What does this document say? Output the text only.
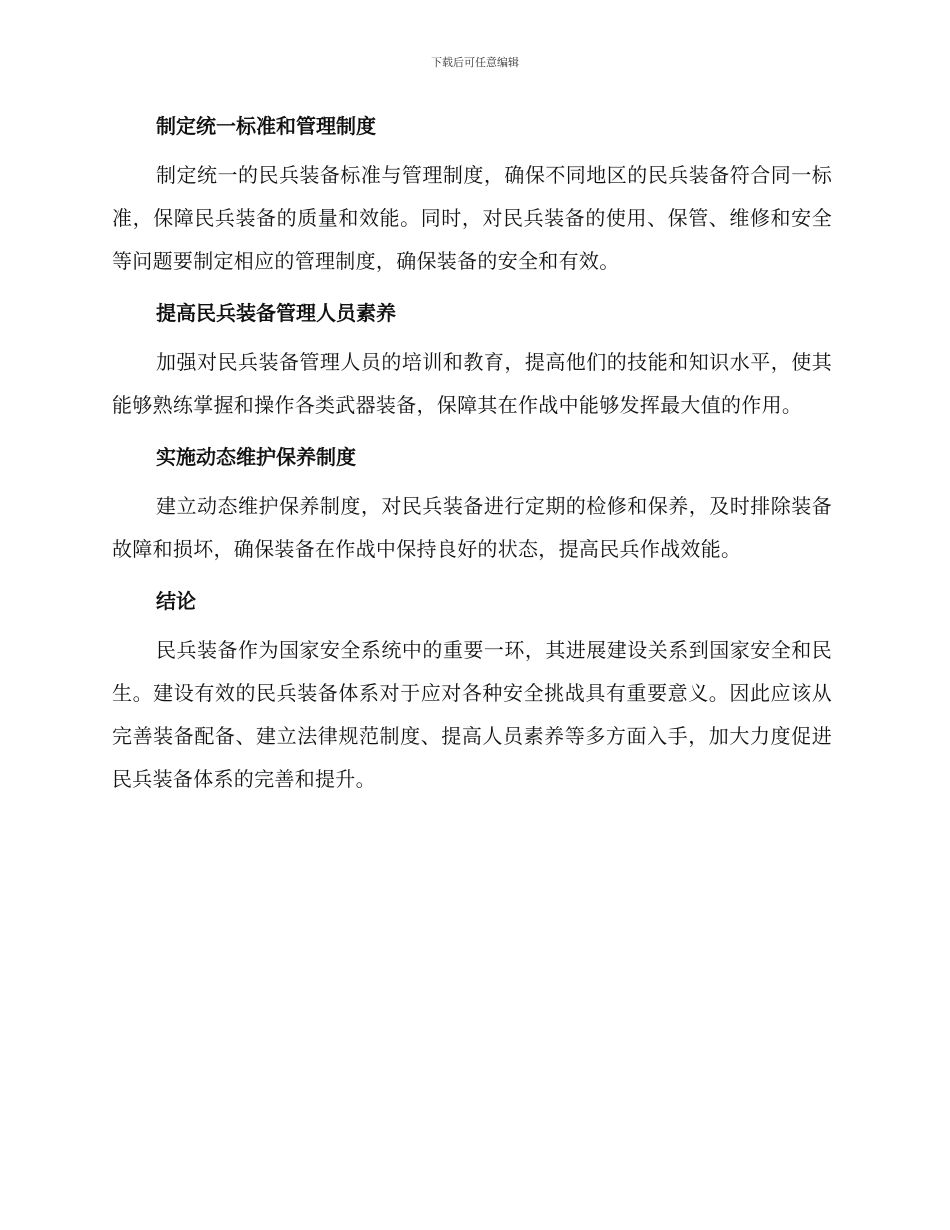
下载后可任意编辑
制定统一标准和管理制度

制定统一的民兵装备标准与管理制度，确保不同地区的民兵装备符合同一标准，保障民兵装备的质量和效能。同时，对民兵装备的使用、保管、维修和安全等问题要制定相应的管理制度，确保装备的安全和有效。

提高民兵装备管理人员素养

加强对民兵装备管理人员的培训和教育，提高他们的技能和知识水平，使其能够熟练掌握和操作各类武器装备，保障其在作战中能够发挥最大值的作用。

实施动态维护保养制度

建立动态维护保养制度，对民兵装备进行定期的检修和保养，及时排除装备故障和损坏，确保装备在作战中保持良好的状态，提高民兵作战效能。

结论

民兵装备作为国家安全系统中的重要一环，其进展建设关系到国家安全和民生。建设有效的民兵装备体系对于应对各种安全挑战具有重要意义。因此应该从完善装备配备、建立法律规范制度、提高人员素养等多方面入手，加大力度促进民兵装备体系的完善和提升。
